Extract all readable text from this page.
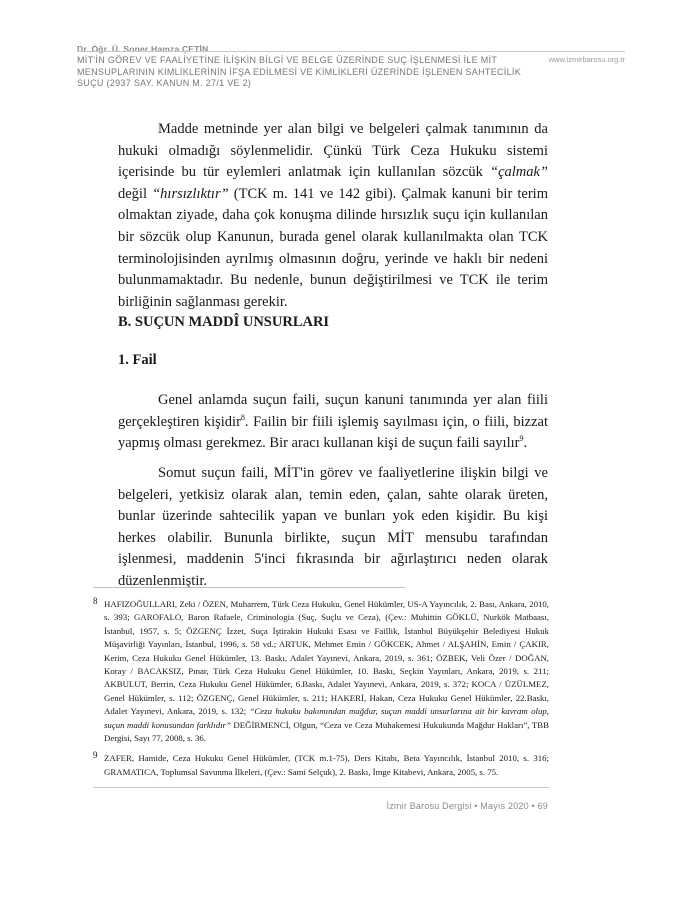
Dr. Öğr. Ü. Soner Hamza ÇETİN
www.izmirbarosu.org.tr
MİT'İN GÖREV VE FAALİYETİNE İLİŞKİN BİLGİ VE BELGE ÜZERİNDE SUÇ İŞLENMESİ İLE MİT MENSUPLARININ KİMLİKLERİNİN İFŞA EDİLMESİ VE KİMLİKLERİ ÜZERİNDE İŞLENEN SAHTECİLİK SUÇU (2937 SAY. KANUN M. 27/1 VE 2)

Madde metninde yer alan bilgi ve belgeleri çalmak tanımının da hukuki olmadığı söylenmelidir. Çünkü Türk Ceza Hukuku sistemi içerisinde bu tür eylemleri anlatmak için kullanılan sözcük “çalmak” değil “hırsızlıktır” (TCK m. 141 ve 142 gibi). Çalmak kanuni bir terim olmaktan ziyade, daha çok konuşma dilinde hırsızlık suçu için kullanılan bir sözcük olup Kanunun, burada genel olarak kullanılmakta olan TCK terminolojisinden ayrılmış olmasının doğru, yerinde ve haklı bir nedeni bulunmamaktadır. Bu nedenle, bunun değiştirilmesi ve TCK ile terim birliğinin sağlanması gerekir.

B. SUÇUN MADDÎ UNSURLARI
1. Fail

Genel anlamda suçun faili, suçun kanuni tanımında yer alan fiili gerçekleştiren kişidir$^8$. Failin bir fiili işlemiş sayılması için, o fiili, bizzat yapmış olması gerekmez. Bir aracı kullanan kişi de suçun faili sayılır$^9$.

Somut suçun faili, MİT'in görev ve faaliyetlerine ilişkin bilgi ve belgeleri, yetkisiz olarak alan, temin eden, çalan, sahte olarak üreten, bunlar üzerinde sahtecilik yapan ve bunları yok eden kişidir. Bu kişi herkes olabilir. Bununla birlikte, suçun MİT mensubu tarafından işlenmesi, maddenin 5'inci fıkrasında bir ağırlaştırıcı neden olarak düzenlenmiştir.

8 HAFIZOĞULLARI, Zeki / ÖZEN, Muharrem, Türk Ceza Hukuku, Genel Hükümler, US-A Yayıncılık, 2. Bası, Ankara, 2010, s. 393; GAROFALO, Baron Rafaele, Criminologia (Suç, Suçlu ve Ceza), (Çev.: Muhittin GÖKLÜ, Nurkök Matbaası, İstanbul, 1957, s. 5; ÖZGENÇ İzzet, Suça İştirakin Hukuki Esası ve Faillik, İstanbul Büyükşehir Belediyesi Hukuk Müşavirliği Yayınları, İstanbul, 1996, s. 58 vd.; ARTUK, Mehmet Emin / GÖKCEK, Ahmet / ALŞAHİN, Emin / ÇAKIR, Kerim, Ceza Hukuku Genel Hükümler, 13. Baskı, Adalet Yayınevi, Ankara, 2019, s. 361; ÖZBEK, Veli Özer / DOĞAN, Koray / BACAKSIZ, Pınar, Türk Ceza Hukuku Genel Hükümler, 10. Baskı, Seçkin Yayınları, Ankara, 2019, s. 211; AKBULUT, Berrin, Ceza Hukuku Genel Hükümler, 6.Baskı, Adalet Yayınevi, Ankara, 2019, s. 372; KOCA / ÜZÜLMEZ, Genel Hükümler, s. 112; ÖZGENÇ, Genel Hükümler, s. 211; HAKERİ, Hakan, Ceza Hukuku Genel Hükümler, 22.Baskı, Adalet Yayınevi, Ankara, 2019, s. 132; “Ceza hukuku bakımından mağdur, suçun maddi unsurlarına ait bir kavram olup, suçun maddi konusundan farklıdır” DEĞİRMENCİ, Olgun, “Ceza ve Ceza Muhakemesi Hukukunda Mağdur Hakları”, TBB Dergisi, Sayı 77, 2008, s. 36.
9 ZAFER, Hamide, Ceza Hukuku Genel Hükümler, (TCK m.1-75), Ders Kitabı, Beta Yayıncılık, İstanbul 2010, s. 316; GRAMATICA, Toplumsal Savunma İlkeleri, (Çev.: Sami Selçuk), 2. Baskı, İmge Kitabevi, Ankara, 2005, s. 75.
İzmir Barosu Dergisi • Mayıs 2020 • 69
